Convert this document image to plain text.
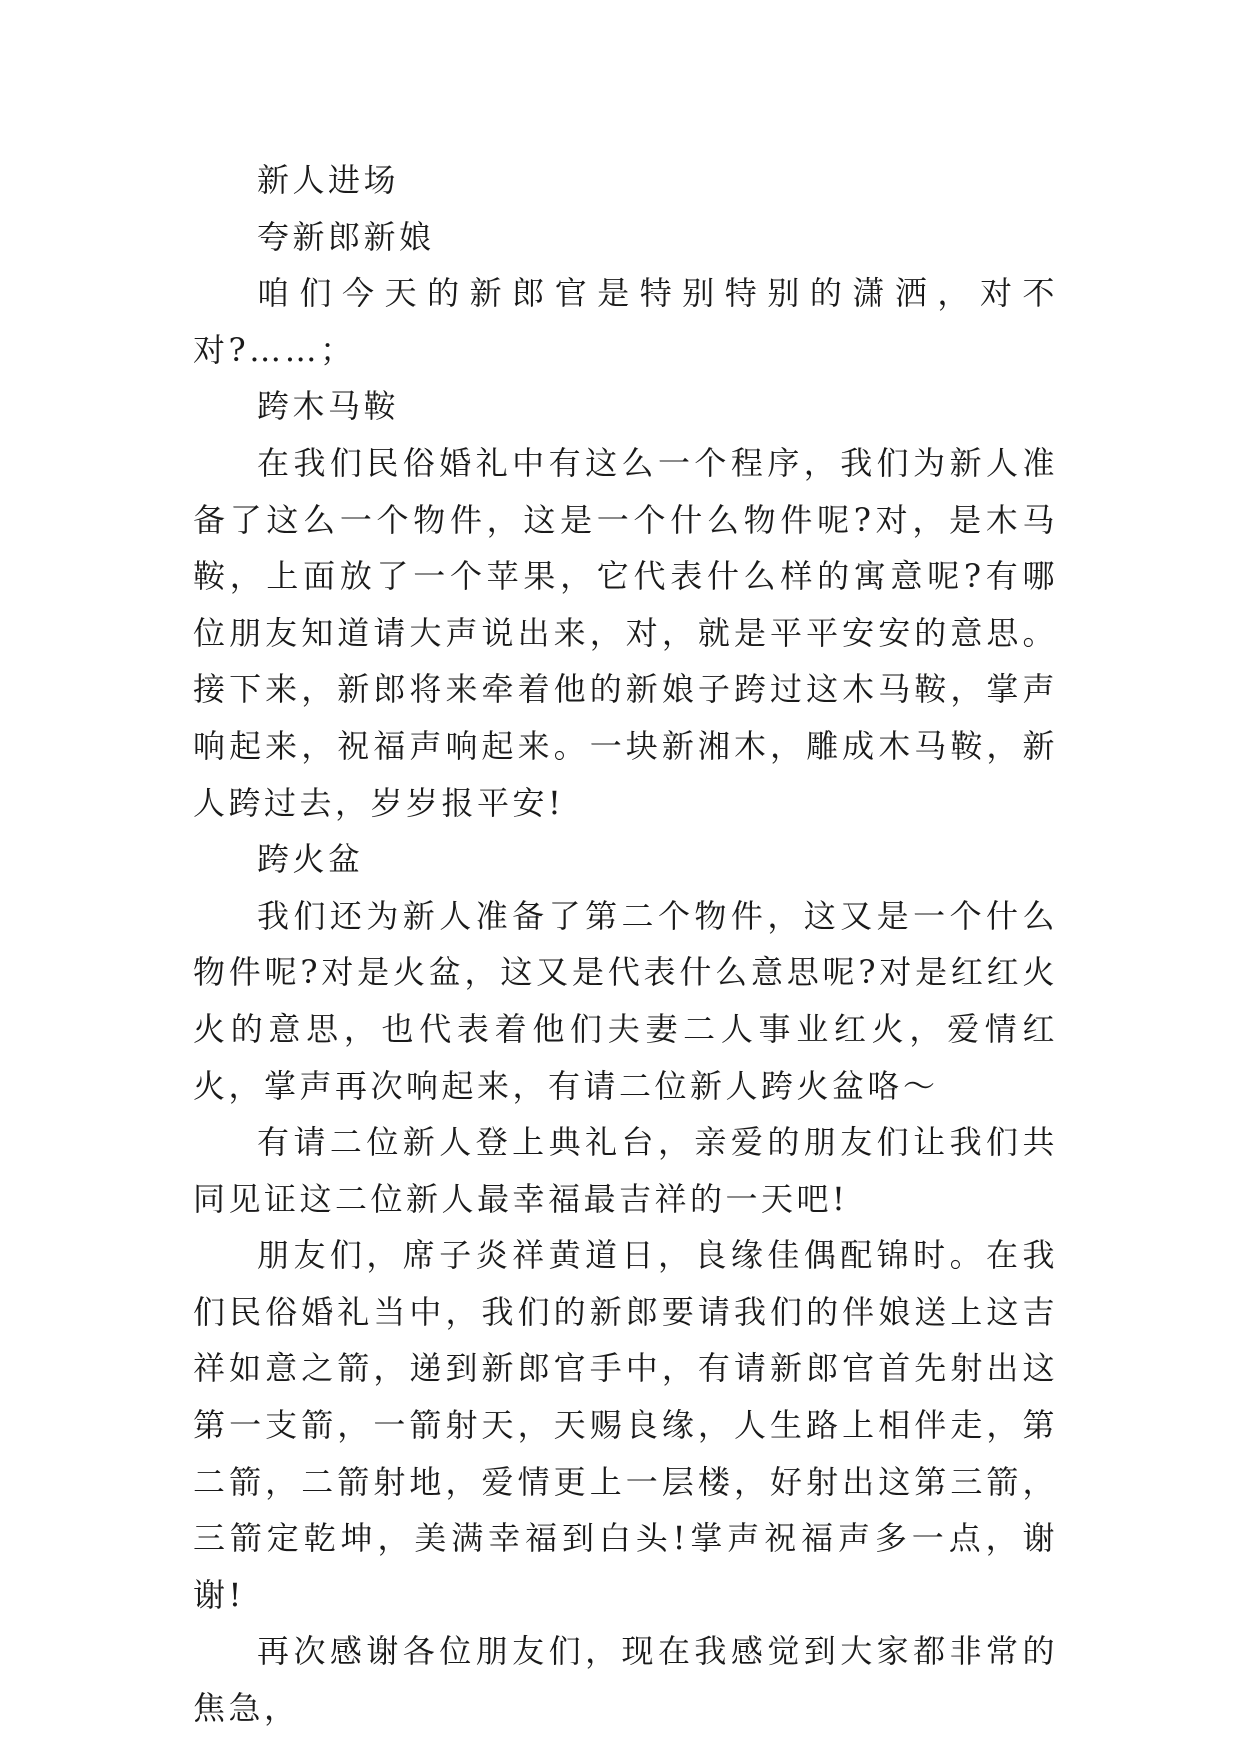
新人进场

夸新郎新娘

咱们今天的新郎官是特别特别的潇洒，对不对?……；

跨木马鞍

在我们民俗婚礼中有这么一个程序，我们为新人准备了这么一个物件，这是一个什么物件呢?对，是木马鞍，上面放了一个苹果，它代表什么样的寓意呢?有哪位朋友知道请大声说出来，对，就是平平安安的意思。接下来，新郎将来牵着他的新娘子跨过这木马鞍，掌声响起来，祝福声响起来。一块新湘木，雕成木马鞍，新人跨过去，岁岁报平安!

跨火盆

我们还为新人准备了第二个物件，这又是一个什么物件呢?对是火盆，这又是代表什么意思呢?对是红红火火的意思，也代表着他们夫妻二人事业红火，爱情红火，掌声再次响起来，有请二位新人跨火盆咯～

有请二位新人登上典礼台，亲爱的朋友们让我们共同见证这二位新人最幸福最吉祥的一天吧!

朋友们，席子炎祥黄道日，良缘佳偶配锦时。在我们民俗婚礼当中，我们的新郎要请我们的伴娘送上这吉祥如意之箭，递到新郎官手中，有请新郎官首先射出这第一支箭，一箭射天，天赐良缘，人生路上相伴走，第二箭，二箭射地，爱情更上一层楼，好射出这第三箭，三箭定乾坤，美满幸福到白头!掌声祝福声多一点，谢谢!

再次感谢各位朋友们，现在我感觉到大家都非常的焦急，
